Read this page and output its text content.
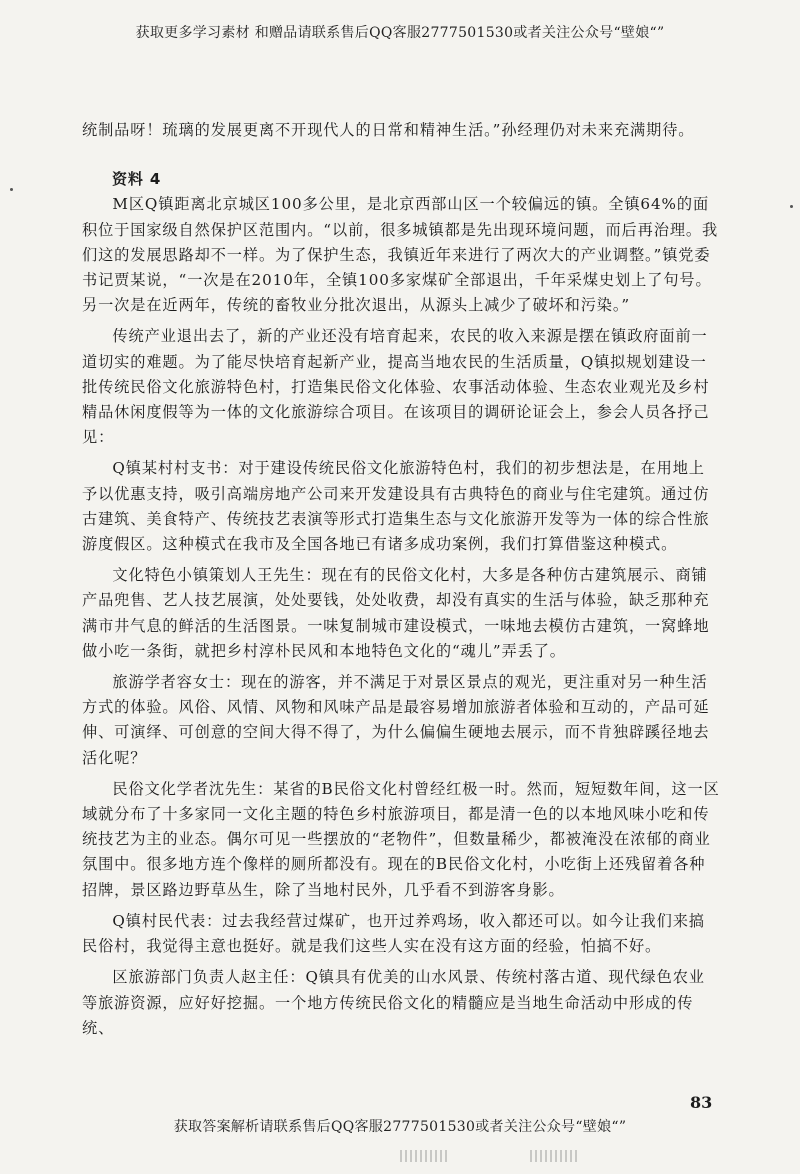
获取更多学习素材 和赠品请联系售后QQ客服2777501530或者关注公众号“壁娘“”

统制品呀！琉璃的发展更离不开现代人的日常和精神生活。”孙经理仍对未来充满期待。

资料 4

M区Q镇距离北京城区100多公里，是北京西部山区一个较偏远的镇。全镇64%的面积位于国家级自然保护区范围内。“以前，很多城镇都是先出现环境问题，而后再治理。我们这的发展思路却不一样。为了保护生态，我镇近年来进行了两次大的产业调整。”镇党委书记贾某说，“一次是在2010年，全镇100多家煤矿全部退出，千年采煤史划上了句号。另一次是在近两年，传统的畜牧业分批次退出，从源头上减少了破坏和污染。”

传统产业退出去了，新的产业还没有培育起来，农民的收入来源是摆在镇政府面前一道切实的难题。为了能尽快培育起新产业，提高当地农民的生活质量，Q镇拟规划建设一批传统民俗文化旅游特色村，打造集民俗文化体验、农事活动体验、生态农业观光及乡村精品休闲度假等为一体的文化旅游综合项目。在该项目的调研论证会上，参会人员各抒己见：

Q镇某村村支书：对于建设传统民俗文化旅游特色村，我们的初步想法是，在用地上予以优惠支持，吸引高端房地产公司来开发建设具有古典特色的商业与住宅建筑。通过仿古建筑、美食特产、传统技艺表演等形式打造集生态与文化旅游开发等为一体的综合性旅游度假区。这种模式在我市及全国各地已有诸多成功案例，我们打算借鉴这种模式。

文化特色小镇策划人王先生：现在有的民俗文化村，大多是各种仿古建筑展示、商铺产品兜售、艺人技艺展演，处处要钱，处处收费，却没有真实的生活与体验，缺乏那种充满市井气息的鲜活的生活图景。一味复制城市建设模式，一味地去模仿古建筑，一窝蜂地做小吃一条街，就把乡村淳朴民风和本地特色文化的“魂儿”弄丢了。

旅游学者容女士：现在的游客，并不满足于对景区景点的观光，更注重对另一种生活方式的体验。风俗、风情、风物和风味产品是最容易增加旅游者体验和互动的，产品可延伸、可演绎、可创意的空间大得不得了，为什么偏偏生硬地去展示，而不肯独辟蹊径地去活化呢？

民俗文化学者沈先生：某省的B民俗文化村曾经红极一时。然而，短短数年间，这一区域就分布了十多家同一文化主题的特色乡村旅游项目，都是清一色的以本地风味小吃和传统技艺为主的业态。偶尔可见一些摆放的“老物件”，但数量稀少，都被淹没在浓郁的商业氛围中。很多地方连个像样的厕所都没有。现在的B民俗文化村，小吃街上还残留着各种招牌，景区路边野草丛生，除了当地村民外，几乎看不到游客身影。

Q镇村民代表：过去我经营过煤矿，也开过养鸡场，收入都还可以。如今让我们来搞民俗村，我觉得主意也挺好。就是我们这些人实在没有这方面的经验，怕搞不好。

区旅游部门负责人赵主任：Q镇具有优美的山水风景、传统村落古道、现代绿色农业等旅游资源，应好好挖掘。一个地方传统民俗文化的精髓应是当地生命活动中形成的传统、

83
获取答案解析请联系售后QQ客服2777501530或者关注公众号“壁娘“”
